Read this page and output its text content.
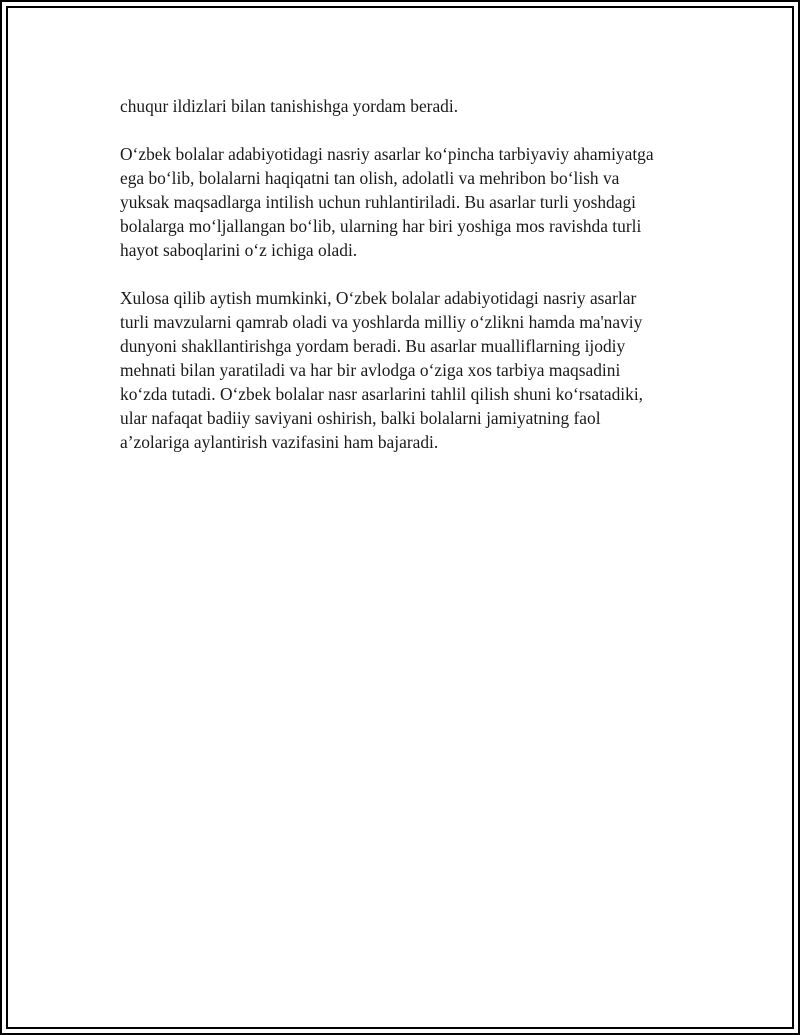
chuqur ildizlari bilan tanishishga yordam beradi.

O‘zbek bolalar adabiyotidagi nasriy asarlar ko‘pincha tarbiyaviy ahamiyatga
ega bo‘lib, bolalarni haqiqatni tan olish, adolatli va mehribon bo‘lish va
yuksak maqsadlarga intilish uchun ruhlantiriladi. Bu asarlar turli yoshdagi
bolalarga mo‘ljallangan bo‘lib, ularning har biri yoshiga mos ravishda turli
hayot saboqlarini o‘z ichiga oladi.

Xulosa qilib aytish mumkinki, O‘zbek bolalar adabiyotidagi nasriy asarlar
turli mavzularni qamrab oladi va yoshlarda milliy o‘zlikni hamda ma'naviy
dunyoni shakllantirishga yordam beradi. Bu asarlar mualliflarning ijodiy
mehnati bilan yaratiladi va har bir avlodga o‘ziga xos tarbiya maqsadini
ko‘zda tutadi. O‘zbek bolalar nasr asarlarini tahlil qilish shuni ko‘rsatadiki,
ular nafaqat badiiy saviyani oshirish, balki bolalarni jamiyatning faol
a’zolariga aylantirish vazifasini ham bajaradi.
